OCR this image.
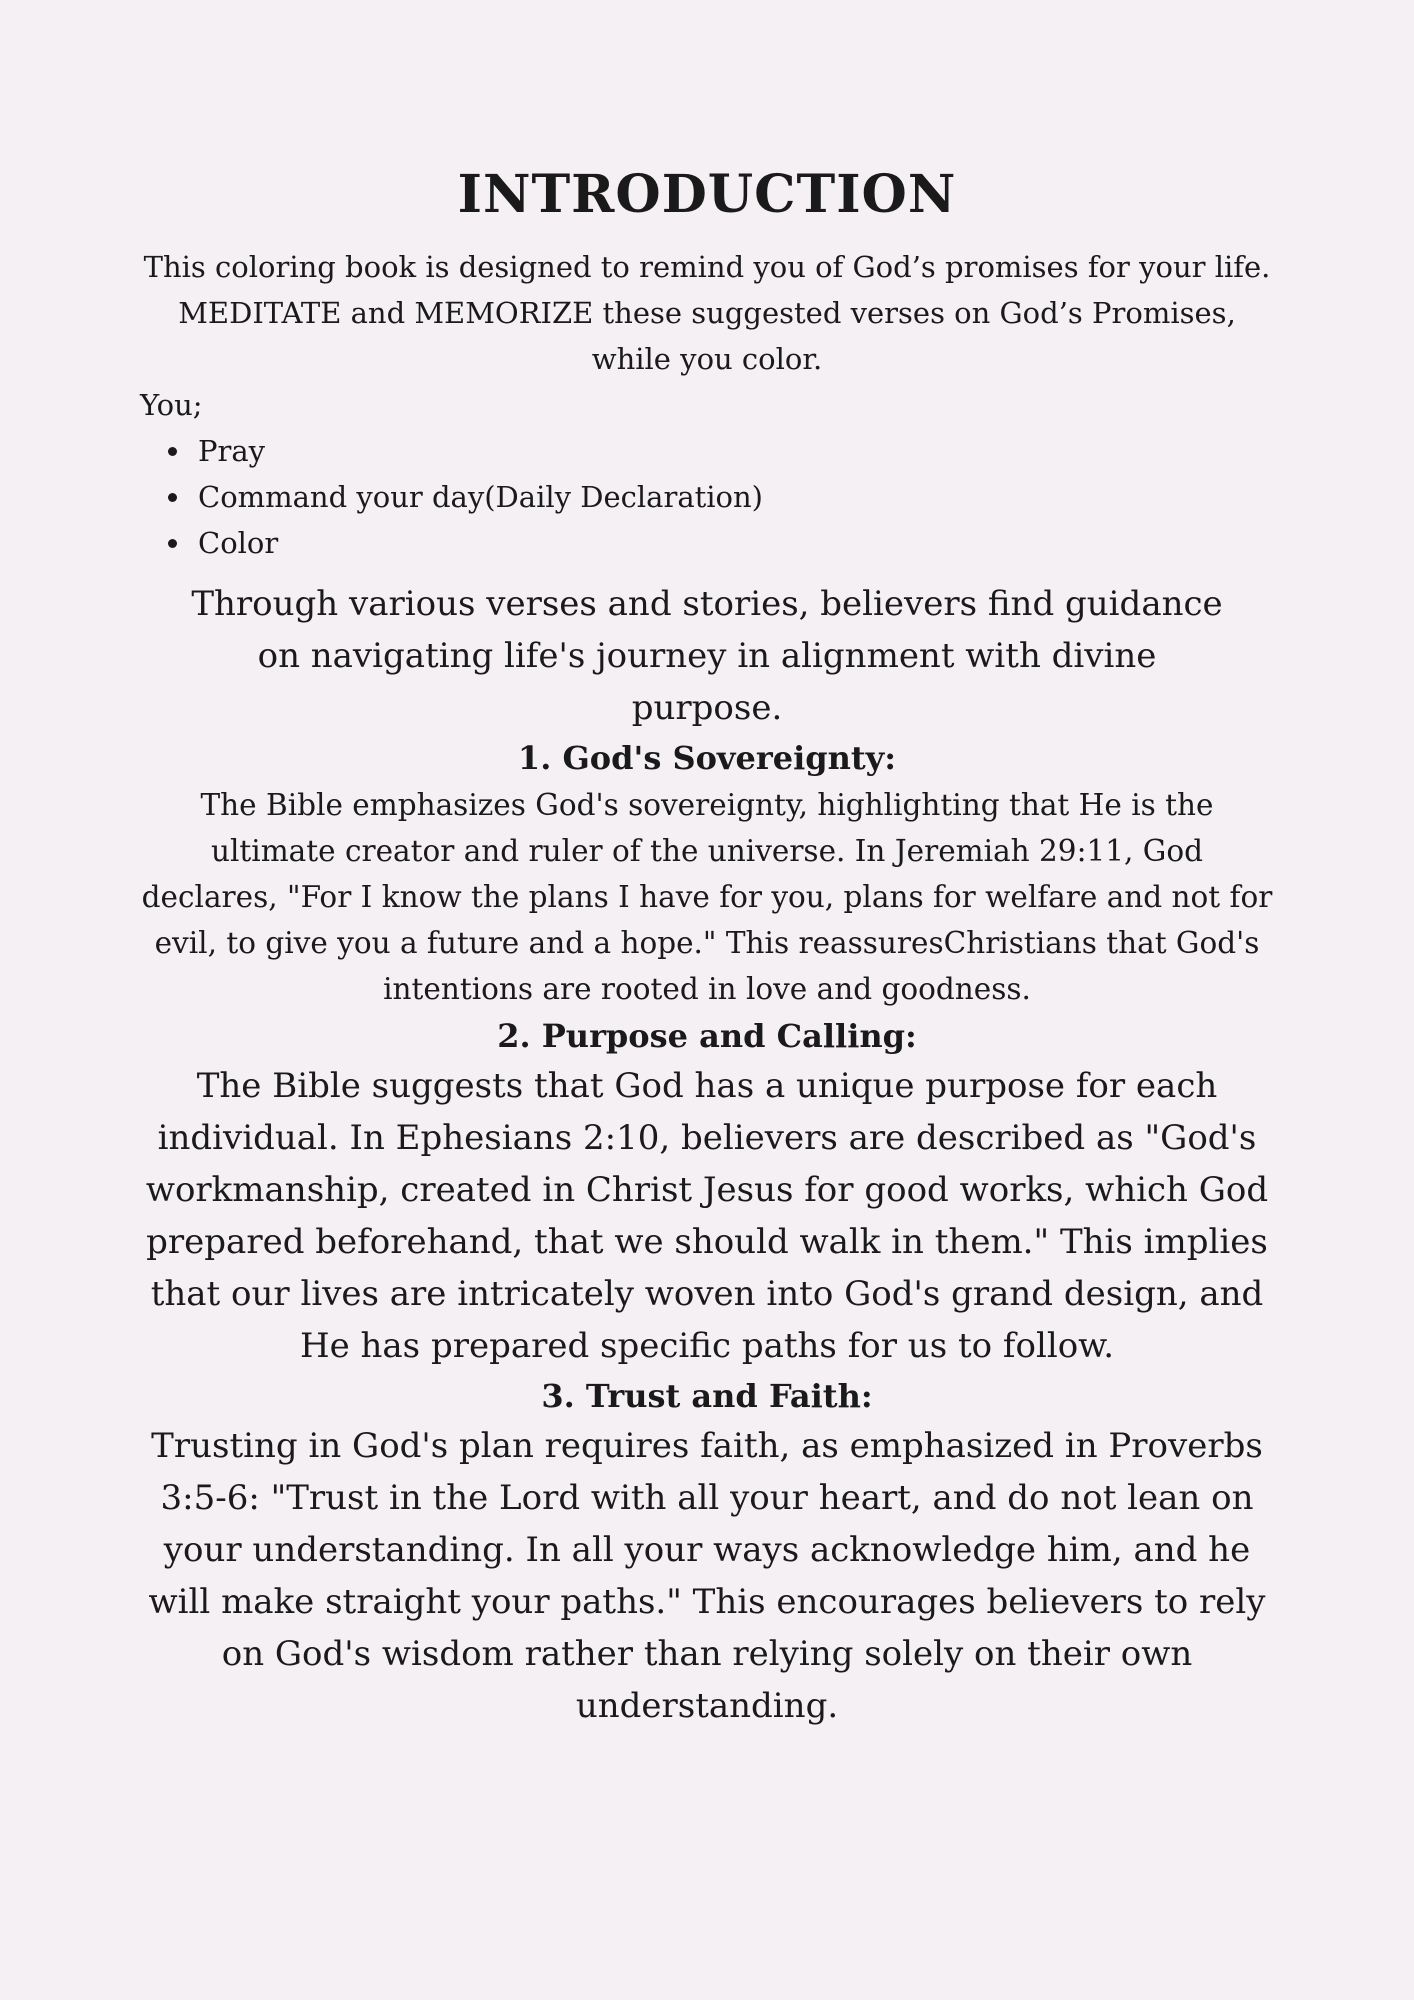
INTRODUCTION

This coloring book is designed to remind you of God’s promises for your life.

MEDITATE and MEMORIZE these suggested verses on God’s Promises,

while you color.

You;

Pray
Command your day(Daily Declaration)
Color

Through various verses and stories, believers find guidance on navigating life's journey in alignment with divine purpose.

1. God's Sovereignty:

The Bible emphasizes God's sovereignty, highlighting that He is the ultimate creator and ruler of the universe. In Jeremiah 29:11, God declares, "For I know the plans I have for you, plans for welfare and not for evil, to give you a future and a hope." This reassuresChristians that God's intentions are rooted in love and goodness.

2. Purpose and Calling:

The Bible suggests that God has a unique purpose for each individual. In Ephesians 2:10, believers are described as "God's workmanship, created in Christ Jesus for good works, which God prepared beforehand, that we should walk in them." This implies that our lives are intricately woven into God's grand design, and He has prepared specific paths for us to follow.

3. Trust and Faith:

Trusting in God's plan requires faith, as emphasized in Proverbs 3:5-6: "Trust in the Lord with all your heart, and do not lean on your understanding. In all your ways acknowledge him, and he will make straight your paths." This encourages believers to rely on God's wisdom rather than relying solely on their own understanding.
